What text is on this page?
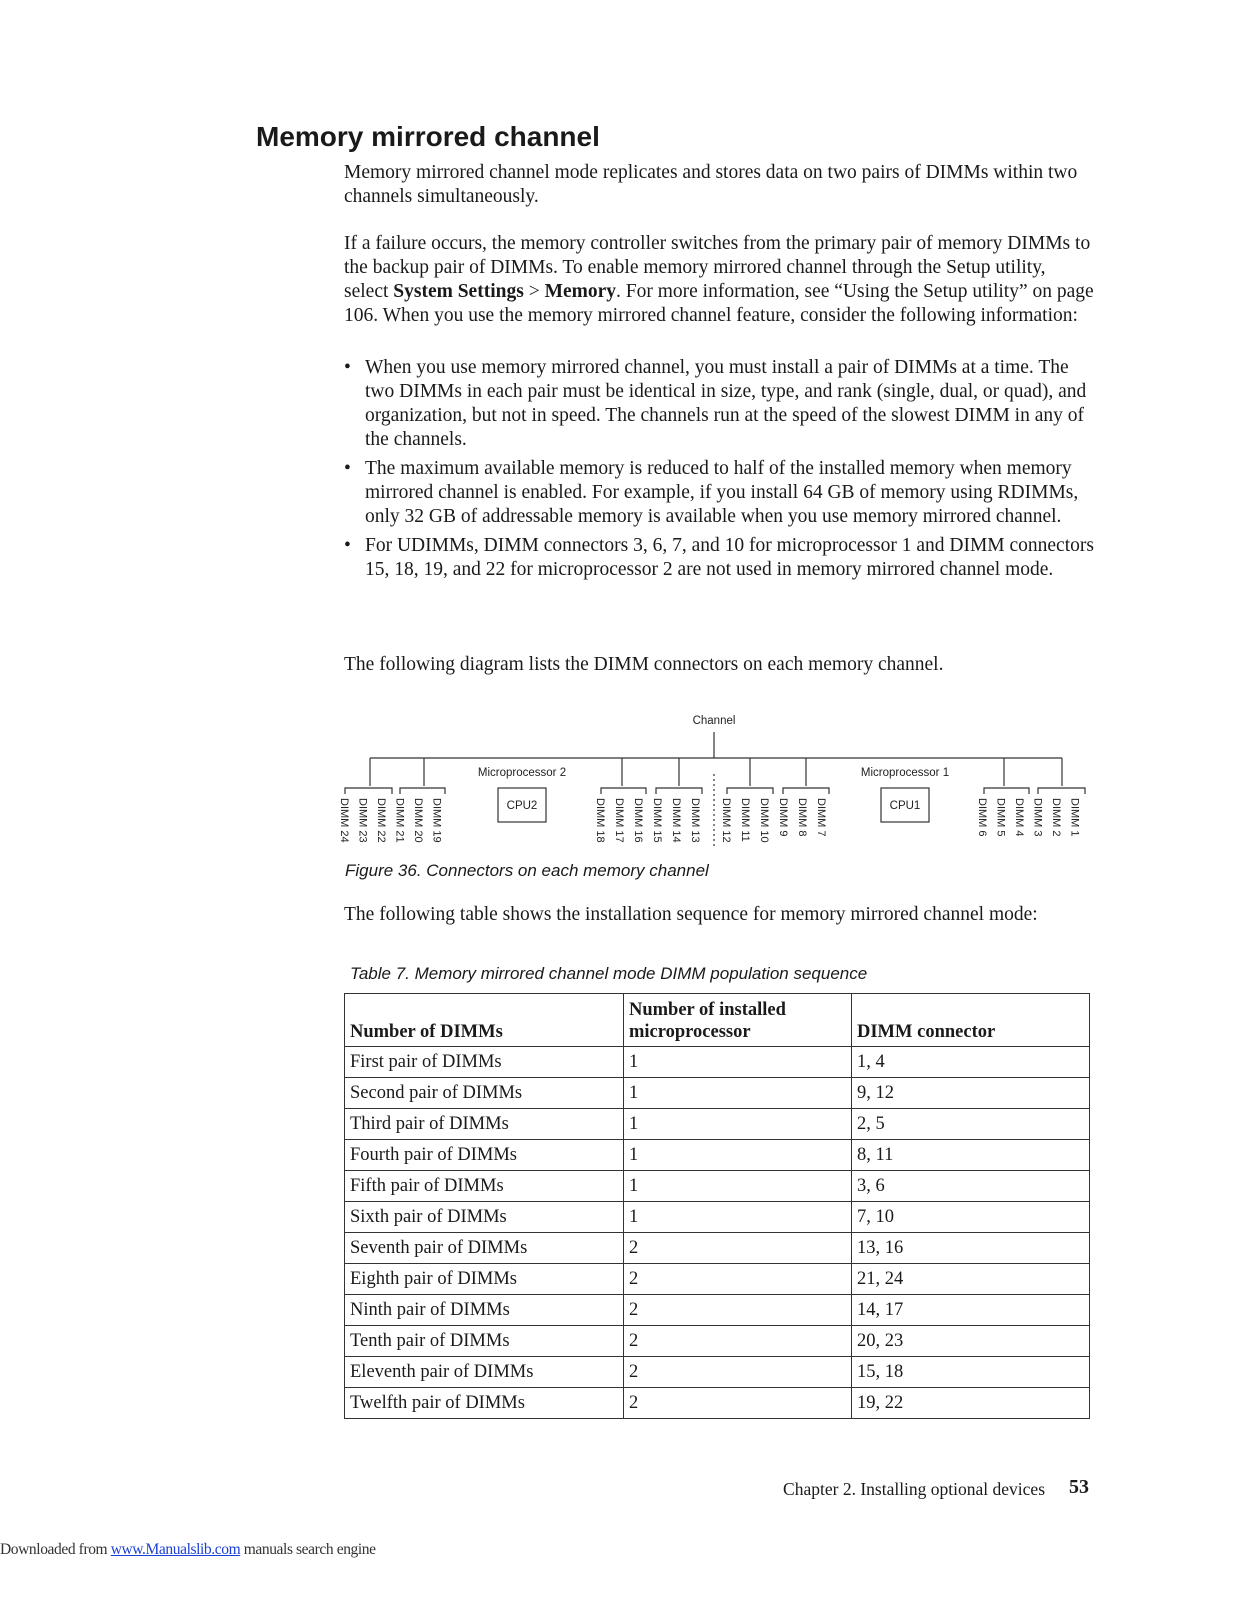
Memory mirrored channel

Memory mirrored channel mode replicates and stores data on two pairs of DIMMs within two channels simultaneously.

If a failure occurs, the memory controller switches from the primary pair of memory DIMMs to the backup pair of DIMMs. To enable memory mirrored channel through the Setup utility, select System Settings > Memory. For more information, see “Using the Setup utility” on page 106. When you use the memory mirrored channel feature, consider the following information:

• When you use memory mirrored channel, you must install a pair of DIMMs at a time. The two DIMMs in each pair must be identical in size, type, and rank (single, dual, or quad), and organization, but not in speed. The channels run at the speed of the slowest DIMM in any of the channels.
• The maximum available memory is reduced to half of the installed memory when memory mirrored channel is enabled. For example, if you install 64 GB of memory using RDIMMs, only 32 GB of addressable memory is available when you use memory mirrored channel.
• For UDIMMs, DIMM connectors 3, 6, 7, and 10 for microprocessor 1 and DIMM connectors 15, 18, 19, and 22 for microprocessor 2 are not used in memory mirrored channel mode.

The following diagram lists the DIMM connectors on each memory channel.

Channel
Microprocessor 2	Microprocessor 1
CPU2	CPU1
DIMM 24 DIMM 23 DIMM 22 DIMM 21 DIMM 20 DIMM 19	DIMM 18 DIMM 17 DIMM 16 DIMM 15 DIMM 14 DIMM 13 DIMM 12 DIMM 11 DIMM 10 DIMM 9 DIMM 8 DIMM 7	DIMM 6 DIMM 5 DIMM 4 DIMM 3 DIMM 2 DIMM 1

Figure 36. Connectors on each memory channel

The following table shows the installation sequence for memory mirrored channel mode:

Table 7. Memory mirrored channel mode DIMM population sequence

Number of DIMMs	Number of installed microprocessor	DIMM connector
First pair of DIMMs	1	1, 4
Second pair of DIMMs	1	9, 12
Third pair of DIMMs	1	2, 5
Fourth pair of DIMMs	1	8, 11
Fifth pair of DIMMs	1	3, 6
Sixth pair of DIMMs	1	7, 10
Seventh pair of DIMMs	2	13, 16
Eighth pair of DIMMs	2	21, 24
Ninth pair of DIMMs	2	14, 17
Tenth pair of DIMMs	2	20, 23
Eleventh pair of DIMMs	2	15, 18
Twelfth pair of DIMMs	2	19, 22

Chapter 2. Installing optional devices 53

Downloaded from www.Manualslib.com manuals search engine
